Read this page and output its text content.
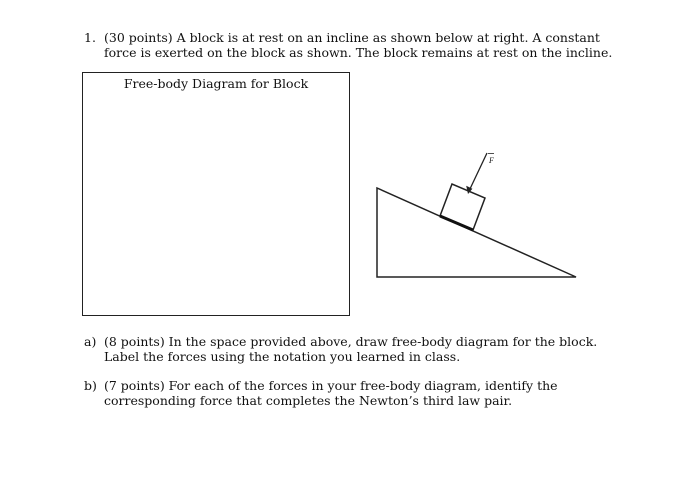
1. (30 points) A block is at rest on an incline as shown below at right. A constant force is exerted on the block as shown. The block remains at rest on the incline.
Free-body Diagram for Block
F
a) (8 points) In the space provided above, draw free-body diagram for the block. Label the forces using the notation you learned in class.
b) (7 points) For each of the forces in your free-body diagram, identify the corresponding force that completes the Newton’s third law pair.
